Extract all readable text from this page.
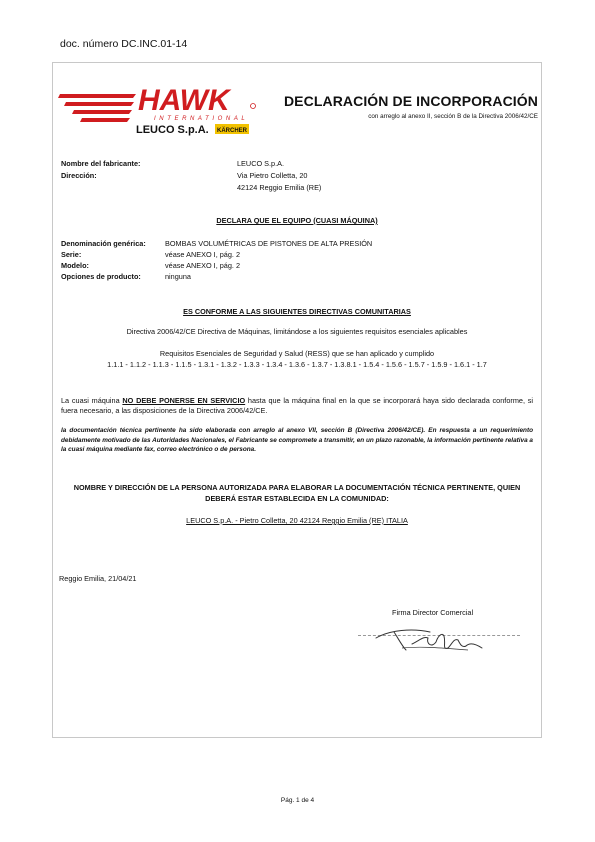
doc. número DC.INC.01-14
HAWK
INTERNATIONAL
LEUCO S.p.A. KÄRCHER
DECLARACIÓN DE INCORPORACIÓN
con arreglo al anexo II, sección B de la Directiva 2006/42/CE
Nombre del fabricante:	LEUCO S.p.A.
Dirección:	Via Pietro Colletta, 20
42124 Reggio Emilia (RE)
DECLARA QUE EL EQUIPO (CUASI MÁQUINA)
Denominación genérica:	BOMBAS VOLUMÉTRICAS DE PISTONES DE ALTA PRESIÓN
Serie:	véase ANEXO I, pág. 2
Modelo:	véase ANEXO I, pág. 2
Opciones de producto:	ninguna
ES CONFORME A LAS SIGUIENTES DIRECTIVAS COMUNITARIAS
Directiva 2006/42/CE Directiva de Máquinas, limitándose a los siguientes requisitos esenciales aplicables
Requisitos Esenciales de Seguridad y Salud (RESS) que se han aplicado y cumplido
1.1.1 - 1.1.2 - 1.1.3 - 1.1.5 - 1.3.1 - 1.3.2 - 1.3.3 - 1.3.4 - 1.3.6 - 1.3.7 - 1.3.8.1 - 1.5.4 - 1.5.6 - 1.5.7 - 1.5.9 - 1.6.1 - 1.7
La cuasi máquina NO DEBE PONERSE EN SERVICIO hasta que la máquina final en la que se incorporará haya sido declarada conforme, si fuera necesario, a las disposiciones de la Directiva 2006/42/CE.
la documentación técnica pertinente ha sido elaborada con arreglo al anexo VII, sección B (Directiva 2006/42/CE). En respuesta a un requerimiento debidamente motivado de las Autoridades Nacionales, el Fabricante se compromete a transmitir, en un plazo razonable, la información pertinente relativa a la cuasi máquina mediante fax, correo electrónico o de persona.
NOMBRE Y DIRECCIÓN DE LA PERSONA AUTORIZADA PARA ELABORAR LA DOCUMENTACIÓN TÉCNICA PERTINENTE, QUIEN
DEBERÁ ESTAR ESTABLECIDA EN LA COMUNIDAD:
LEUCO S.p.A. - Pietro Colletta, 20 42124 Reggio Emilia (RE) ITALIA
Reggio Emilia, 21/04/21
Firma Director Comercial
Pág. 1 de 4
